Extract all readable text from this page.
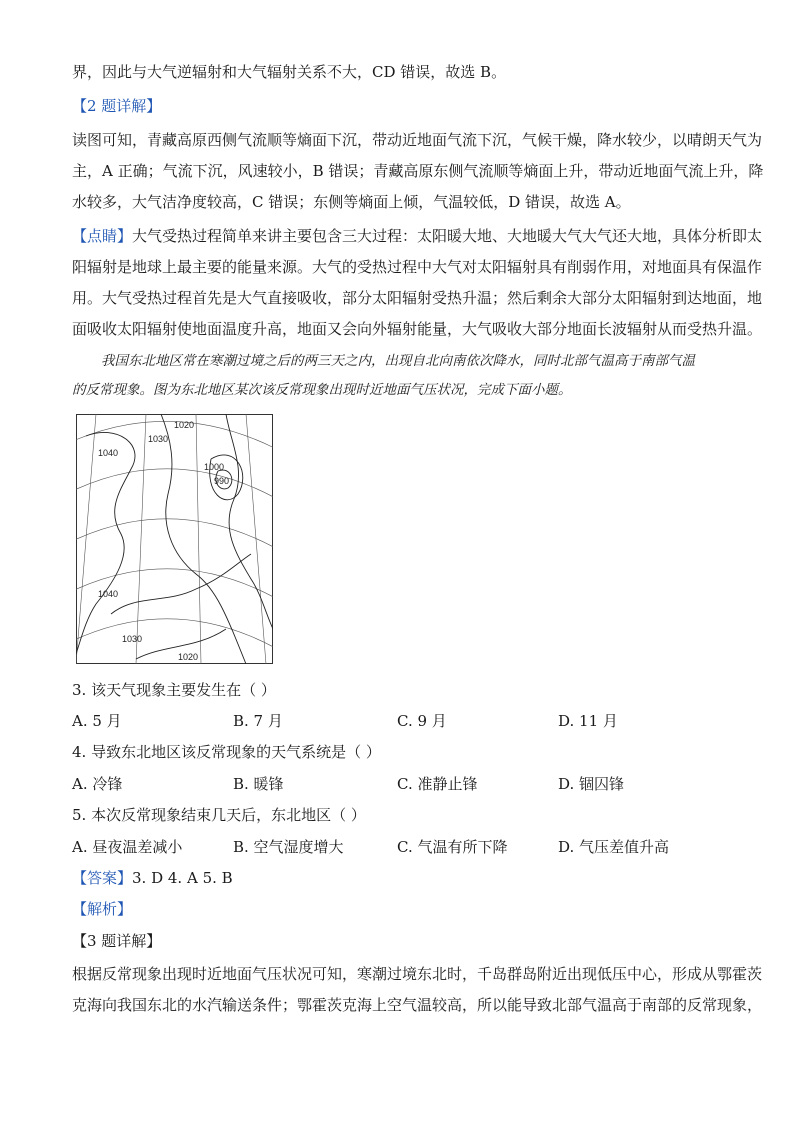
界，因此与大气逆辐射和大气辐射关系不大，CD 错误，故选 B。
【2 题详解】
读图可知，青藏高原西侧气流顺等熵面下沉，带动近地面气流下沉，气候干燥，降水较少，以晴朗天气为
主，A 正确；气流下沉，风速较小，B 错误；青藏高原东侧气流顺等熵面上升，带动近地面气流上升，降
水较多，大气洁净度较高，C 错误；东侧等熵面上倾，气温较低，D 错误，故选 A。
【点睛】大气受热过程简单来讲主要包含三大过程：太阳暖大地、大地暖大气大气还大地，具体分析即太
阳辐射是地球上最主要的能量来源。大气的受热过程中大气对太阳辐射具有削弱作用，对地面具有保温作
用。大气受热过程首先是大气直接吸收，部分太阳辐射受热升温；然后剩余大部分太阳辐射到达地面，地
面吸收太阳辐射使地面温度升高，地面又会向外辐射能量，大气吸收大部分地面长波辐射从而受热升温。
我国东北地区常在寒潮过境之后的两三天之内，出现自北向南依次降水，同时北部气温高于南部气温
的反常现象。图为东北地区某次该反常现象出现时近地面气压状况，完成下面小题。
1040
1030
1020
1000
990
1040
1030
1020
3. 该天气现象主要发生在（ ）
A. 5 月	B. 7 月	C. 9 月	D. 11 月
4. 导致东北地区该反常现象的天气系统是（ ）
A. 冷锋	B. 暖锋	C. 准静止锋	D. 锢囚锋
5. 本次反常现象结束几天后，东北地区（ ）
A. 昼夜温差减小	B. 空气湿度增大	C. 气温有所下降	D. 气压差值升高
【答案】3. D 4. A 5. B
【解析】
【3 题详解】
根据反常现象出现时近地面气压状况可知，寒潮过境东北时，千岛群岛附近出现低压中心，形成从鄂霍茨
克海向我国东北的水汽输送条件；鄂霍茨克海上空气温较高，所以能导致北部气温高于南部的反常现象，
